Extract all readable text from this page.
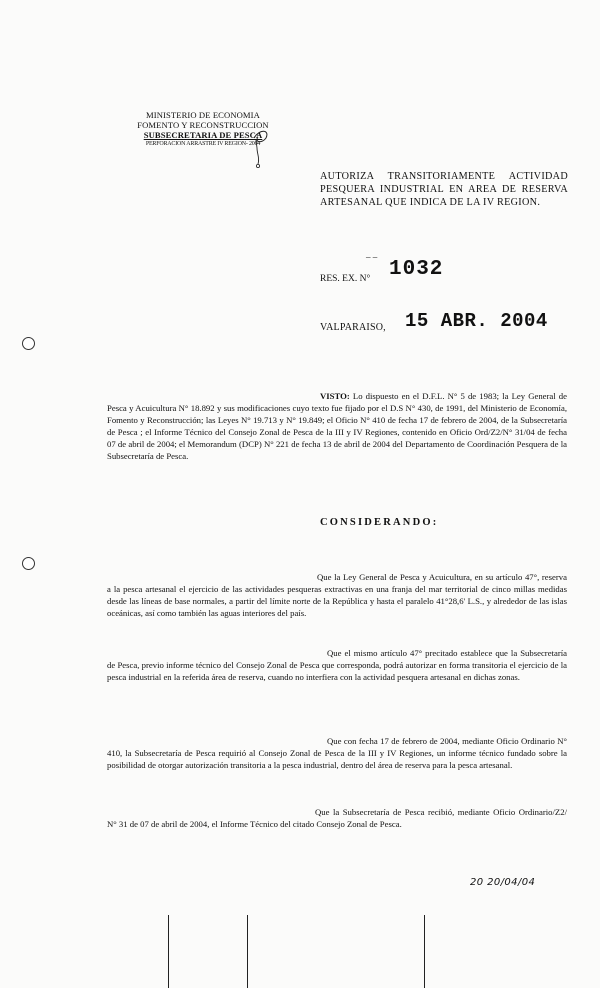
MINISTERIO DE ECONOMIA
FOMENTO Y RECONSTRUCCION
SUBSECRETARIA DE PESCA
PERFORACION ARRASTRE IV REGION- 2004
AUTORIZA TRANSITORIAMENTE ACTIVIDAD PESQUERA INDUSTRIAL EN AREA DE RESERVA ARTESANAL QUE INDICA DE LA IV REGION.
– –
RES. EX. N° 1032
VALPARAISO, 15 ABR. 2004
VISTO: Lo dispuesto en el D.F.L. N° 5 de 1983; la Ley General de Pesca y Acuicultura N° 18.892 y sus modificaciones cuyo texto fue fijado por el D.S N° 430, de 1991, del Ministerio de Economía, Fomento y Reconstrucción; las Leyes N° 19.713 y N° 19.849; el Oficio N° 410 de fecha 17 de febrero de 2004, de la Subsecretaría de Pesca ; el Informe Técnico del Consejo Zonal de Pesca de la III y IV Regiones, contenido en Oficio Ord/Z2/N° 31/04 de fecha 07 de abril de 2004; el Memorandum (DCP) N° 221 de fecha 13 de abril de 2004 del Departamento de Coordinación Pesquera de la Subsecretaría de Pesca.
CONSIDERANDO:
Que la Ley General de Pesca y Acuicultura, en su artículo 47°, reserva a la pesca artesanal el ejercicio de las actividades pesqueras extractivas en una franja del mar territorial de cinco millas medidas desde las líneas de base normales, a partir del límite norte de la República y hasta el paralelo 41°28,6' L.S., y alrededor de las islas oceánicas, así como también las aguas interiores del país.
Que el mismo artículo 47° precitado establece que la Subsecretaría de Pesca, previo informe técnico del Consejo Zonal de Pesca que corresponda, podrá autorizar en forma transitoria el ejercicio de la pesca industrial en la referida área de reserva, cuando no interfiera con la actividad pesquera artesanal en dichas zonas.
Que con fecha 17 de febrero de 2004, mediante Oficio Ordinario N° 410, la Subsecretaría de Pesca requirió al Consejo Zonal de Pesca de la III y IV Regiones, un informe técnico fundado sobre la posibilidad de otorgar autorización transitoria a la pesca industrial, dentro del área de reserva para la pesca artesanal.
Que la Subsecretaría de Pesca recibió, mediante Oficio Ordinario/Z2/ N° 31 de 07 de abril de 2004, el Informe Técnico del citado Consejo Zonal de Pesca.
20 20/04/04
